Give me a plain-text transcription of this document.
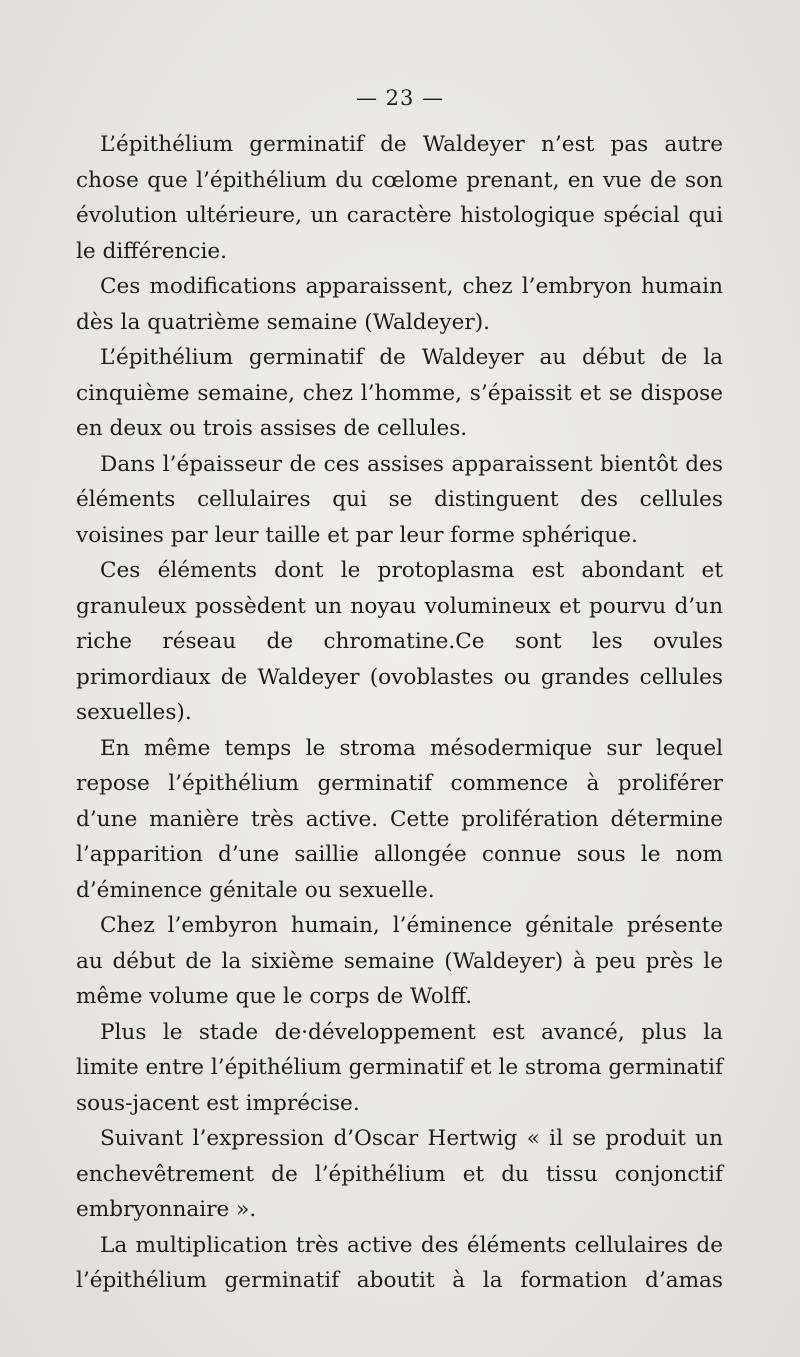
— 23 —

L’épithélium germinatif de Waldeyer n’est pas autre chose que l’épithélium du cœlome prenant, en vue de son évolution ultérieure, un caractère histologique spécial qui le différencie.

Ces modifications apparaissent, chez l’embryon humain dès la quatrième semaine (Waldeyer).

L’épithélium germinatif de Waldeyer au début de la cinquième semaine, chez l’homme, s’épaissit et se dispose en deux ou trois assises de cellules.

Dans l’épaisseur de ces assises apparaissent bientôt des éléments cellulaires qui se distinguent des cellules voisines par leur taille et par leur forme sphérique.

Ces éléments dont le protoplasma est abondant et granuleux possèdent un noyau volumineux et pourvu d’un riche réseau de chromatine.Ce sont les ovules primordiaux de Waldeyer (ovoblastes ou grandes cellules sexuelles).

En même temps le stroma mésodermique sur lequel repose l’épithélium germinatif commence à proliférer d’une manière très active. Cette prolifération détermine l’apparition d’une saillie allongée connue sous le nom d’éminence génitale ou sexuelle.

Chez l’embyron humain, l’éminence génitale présente au début de la sixième semaine (Waldeyer) à peu près le même volume que le corps de Wolff.

Plus le stade de·développement est avancé, plus la limite entre l’épithélium germinatif et le stroma germinatif sous-jacent est imprécise.

Suivant l’expression d’Oscar Hertwig « il se produit un enchevêtrement de l’épithélium et du tissu conjonctif embryonnaire ».

La multiplication très active des éléments cellulaires de l’épithélium germinatif aboutit à la formation d’amas
